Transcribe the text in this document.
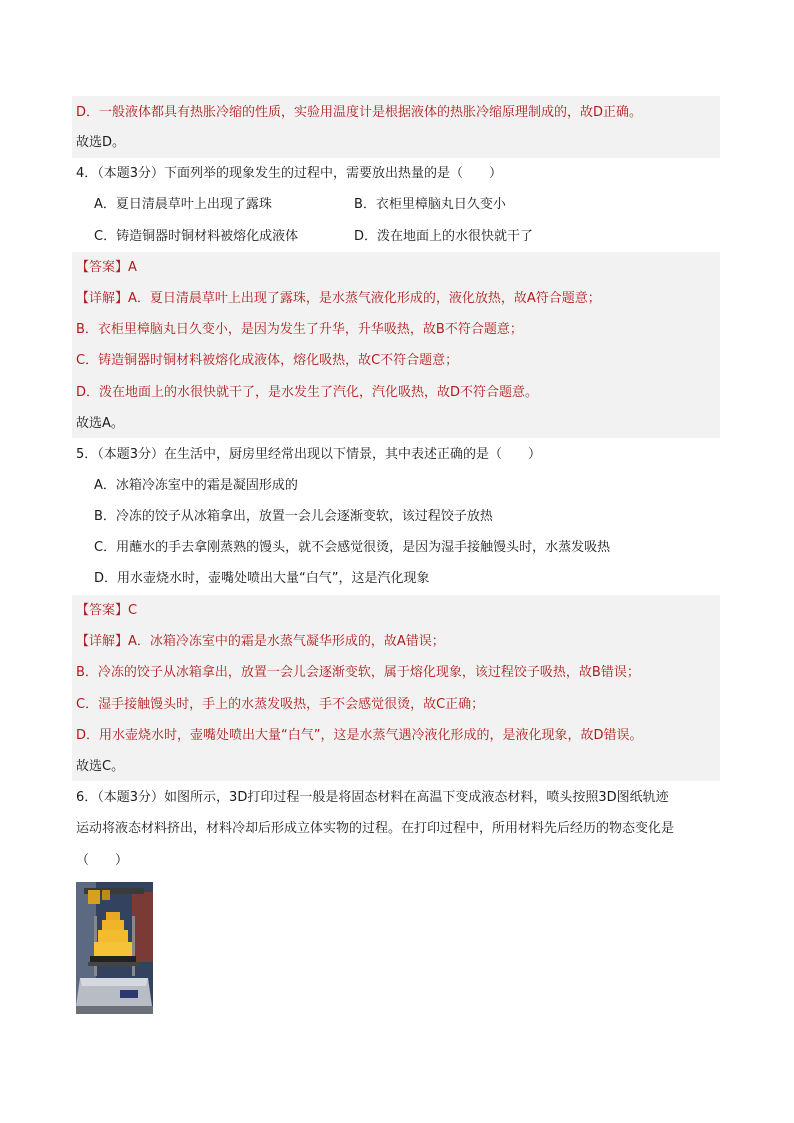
D．一般液体都具有热胀冷缩的性质，实验用温度计是根据液体的热胀冷缩原理制成的，故D正确。
故选D。
4．（本题3分）下面列举的现象发生的过程中，需要放出热量的是（　　）
A．夏日清晨草叶上出现了露珠	B．衣柜里樟脑丸日久变小
C．铸造铜器时铜材料被熔化成液体	D．泼在地面上的水很快就干了
【答案】A
【详解】A．夏日清晨草叶上出现了露珠，是水蒸气液化形成的，液化放热，故A符合题意；
B．衣柜里樟脑丸日久变小，是因为发生了升华，升华吸热，故B不符合题意；
C．铸造铜器时铜材料被熔化成液体，熔化吸热，故C不符合题意；
D．泼在地面上的水很快就干了，是水发生了汽化，汽化吸热，故D不符合题意。
故选A。
5．（本题3分）在生活中，厨房里经常出现以下情景，其中表述正确的是（　　）
A．冰箱冷冻室中的霜是凝固形成的
B．冷冻的饺子从冰箱拿出，放置一会儿会逐渐变软，该过程饺子放热
C．用蘸水的手去拿刚蒸熟的馒头，就不会感觉很烫，是因为湿手接触馒头时，水蒸发吸热
D．用水壶烧水时，壶嘴处喷出大量“白气”，这是汽化现象
【答案】C
【详解】A．冰箱冷冻室中的霜是水蒸气凝华形成的，故A错误；
B．冷冻的饺子从冰箱拿出，放置一会儿会逐渐变软，属于熔化现象，该过程饺子吸热，故B错误；
C．湿手接触馒头时，手上的水蒸发吸热，手不会感觉很烫，故C正确；
D．用水壶烧水时，壶嘴处喷出大量“白气”，这是水蒸气遇冷液化形成的，是液化现象，故D错误。
故选C。
6．（本题3分）如图所示，3D打印过程一般是将固态材料在高温下变成液态材料，喷头按照3D图纸轨迹
运动将液态材料挤出，材料冷却后形成立体实物的过程。在打印过程中，所用材料先后经历的物态变化是
（　　）
